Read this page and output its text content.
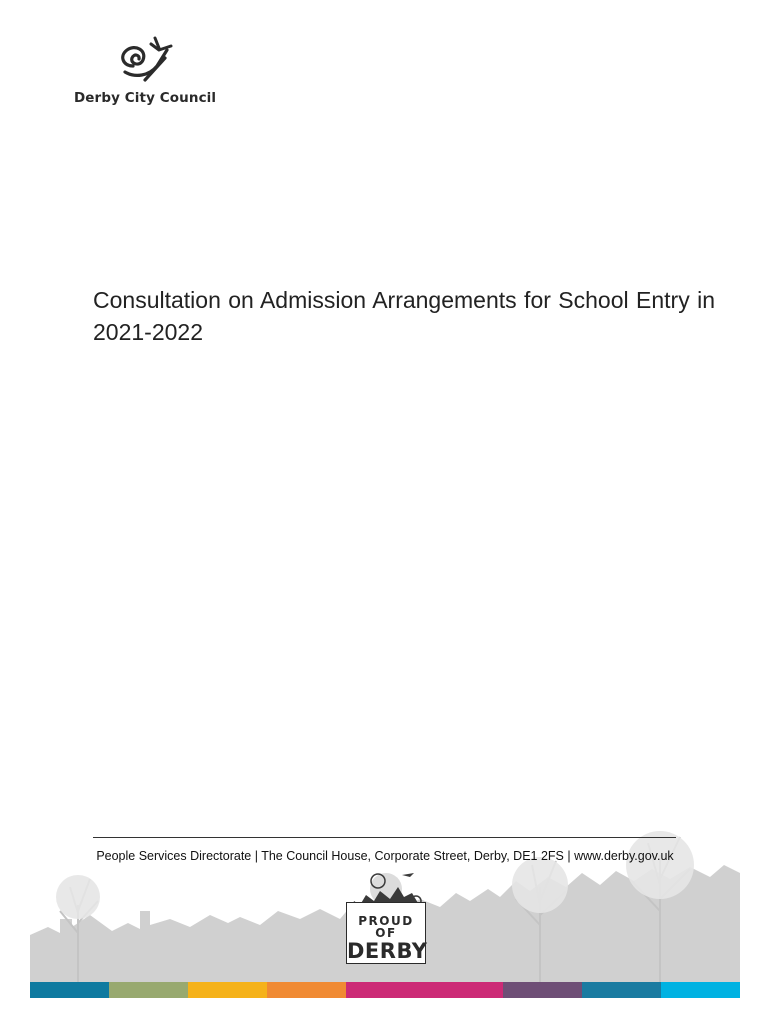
Derby City Council
Consultation on Admission Arrangements for School Entry in 2021-2022
People Services Directorate | The Council House, Corporate Street, Derby, DE1 2FS | www.derby.gov.uk
PROUD OF
DERBY
